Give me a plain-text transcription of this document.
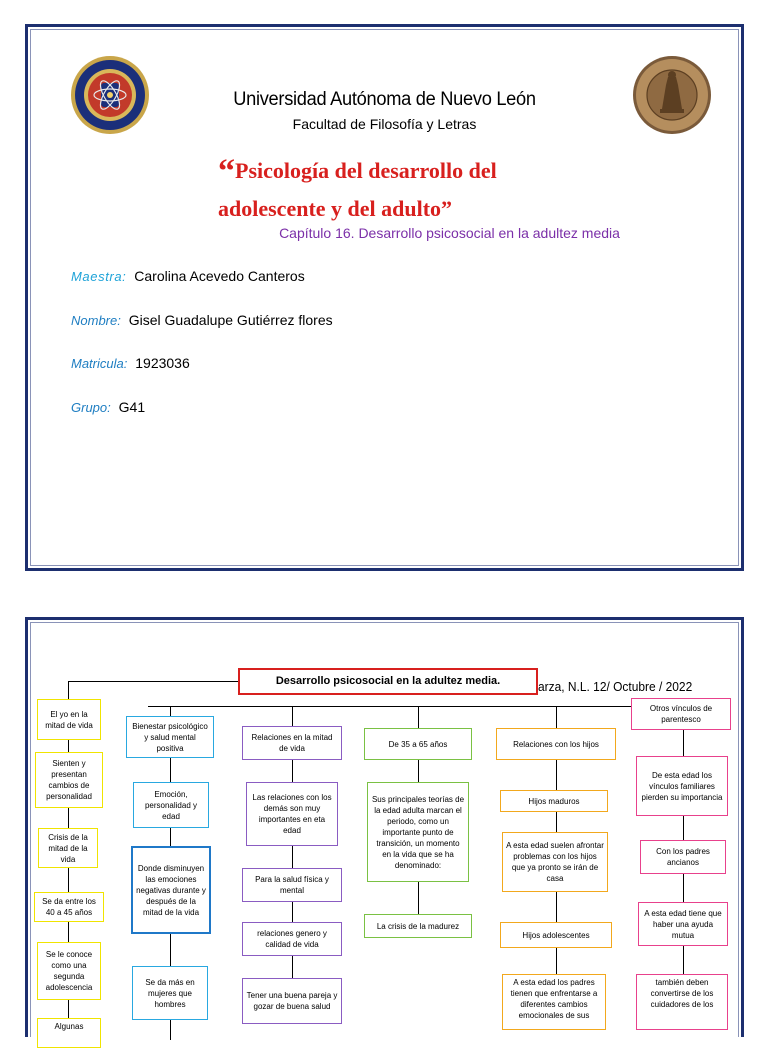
Universidad Autónoma de Nuevo León
Facultad de Filosofía y Letras
“Psicología del desarrollo del
adolescente y del adulto”
Capítulo 16. Desarrollo psicosocial en la adultez media
Maestra: Carolina Acevedo Canteros
Nombre: Gisel Guadalupe Gutiérrez flores
Matricula: 1923036
Grupo: G41
Desarrollo psicosocial en la adultez media.	arza, N.L. 12/ Octubre / 2022
El yo en la mitad de vida
Sienten y presentan cambios de personalidad
Crisis de la mitad de la vida
Se da entre los 40 a 45 años
Se le conoce como una segunda adolescencia
Algunas
Bienestar psicológico y salud mental positiva
Emoción, personalidad y edad
Donde disminuyen las emociones negativas durante y después de la mitad de la vida
Se da más en mujeres que hombres
Relaciones en la mitad de vida
Las relaciones con los demás son muy importantes en eta edad
Para la salud física y mental
relaciones genero y calidad de vida
Tener una buena pareja y gozar de buena salud
De 35 a 65 años
Sus principales teorías de la edad adulta marcan el periodo, como un importante punto de transición, un momento en la vida que se ha denominado:
La crisis de la madurez
Relaciones con los hijos
Hijos maduros
A esta edad suelen afrontar problemas con los hijos que ya pronto se irán de casa
Hijos adolescentes
A esta edad los padres tienen que enfrentarse a diferentes cambios emocionales de sus
Otros vínculos de parentesco
De esta edad los vínculos familiares pierden su importancia
Con los padres ancianos
A esta edad tiene que haber una ayuda mutua
también deben convertirse de los cuidadores de los
